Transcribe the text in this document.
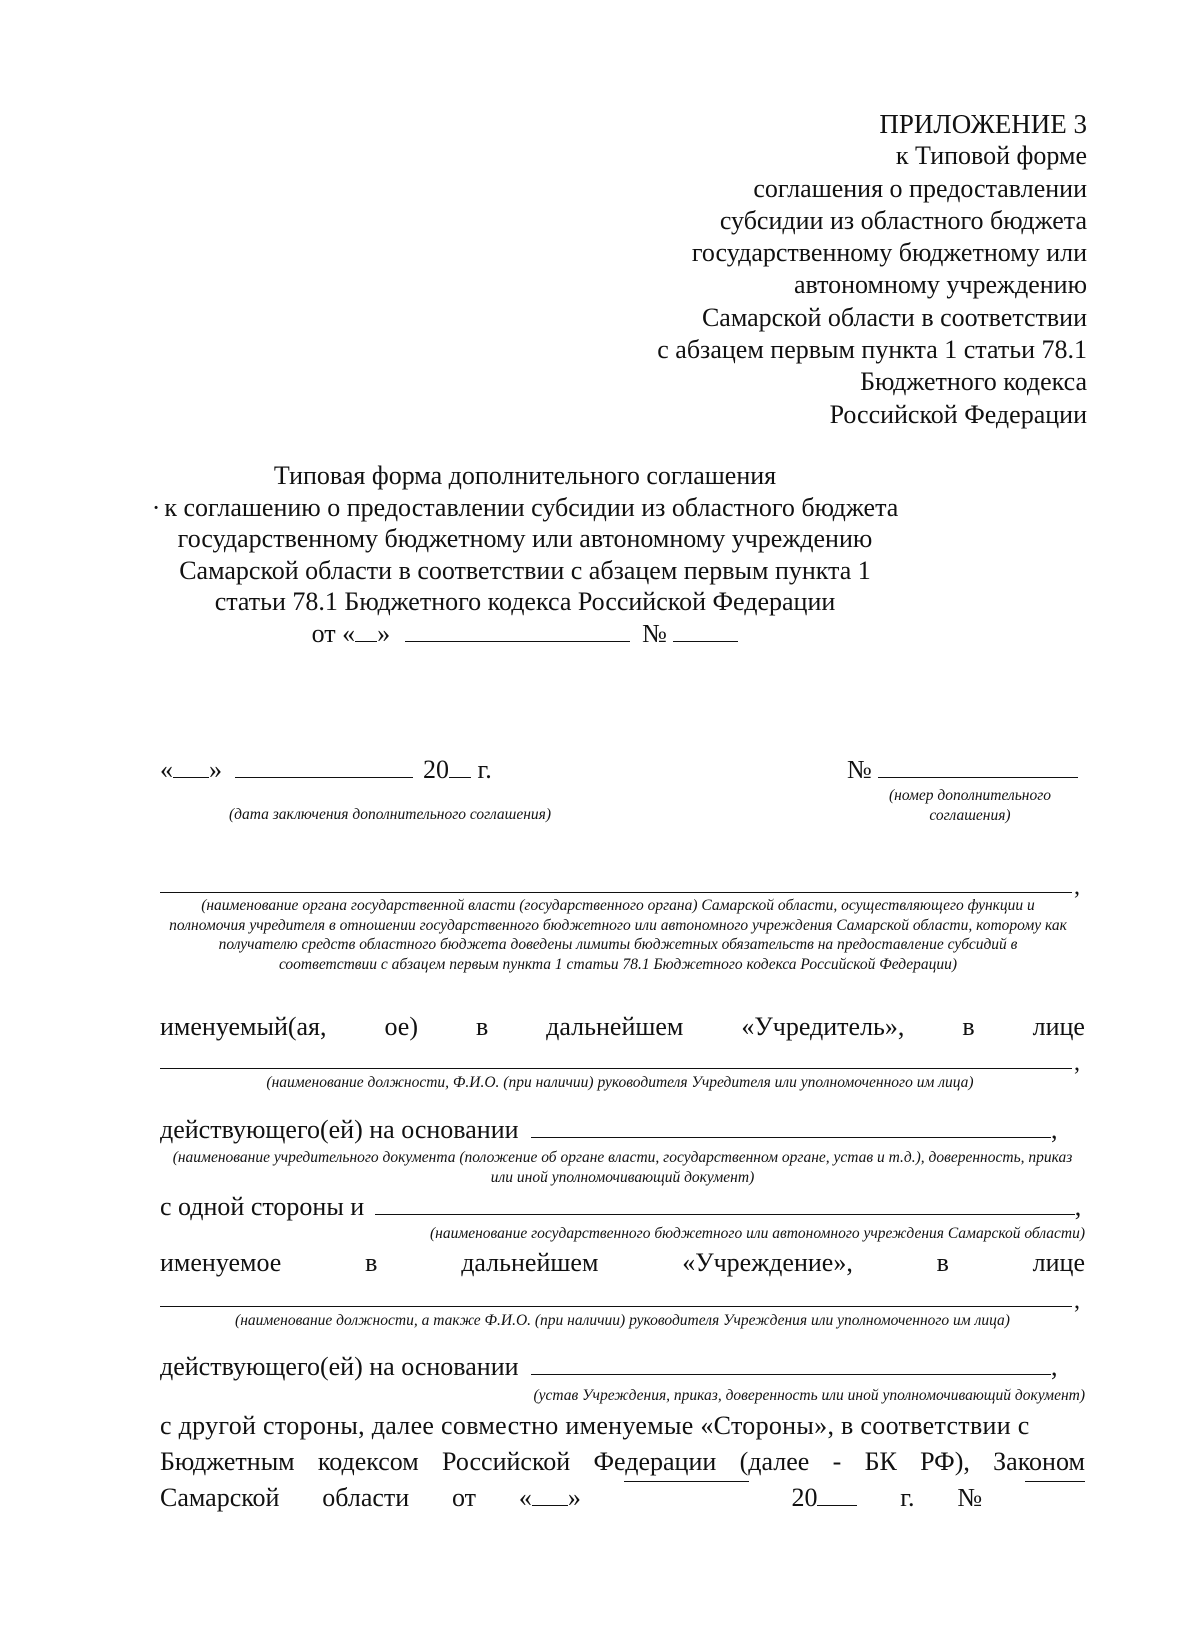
ПРИЛОЖЕНИЕ 3
к Типовой форме
соглашения о предоставлении
субсидии из областного бюджета
государственному бюджетному или
автономному учреждению
Самарской области в соответствии
с абзацем первым пункта 1 статьи 78.1
Бюджетного кодекса
Российской Федерации
Типовая форма дополнительного соглашения
· к соглашению о предоставлении субсидии из областного бюджета
государственному бюджетному или автономному учреждению
Самарской области в соответствии с абзацем первым пункта 1
статьи 78.1 Бюджетного кодекса Российской Федерации
от « »	№
« »	20 г.	№
(дата заключения дополнительного соглашения)
(номер дополнительного соглашения)
,
(наименование органа государственной власти (государственного органа) Самарской области, осуществляющего функции и полномочия учредителя в отношении государственного бюджетного или автономного учреждения Самарской области, которому как получателю средств областного бюджета доведены лимиты бюджетных обязательств на предоставление субсидий в соответствии с абзацем первым пункта 1 статьи 78.1 Бюджетного кодекса Российской Федерации)
именуемый(ая, ое) в дальнейшем «Учредитель», в лице
,
(наименование должности, Ф.И.О. (при наличии) руководителя Учредителя или уполномоченного им лица)
действующего(ей) на основании	,
(наименование учредительного документа (положение об органе власти, государственном органе, устав и т.д.), доверенность, приказ или иной уполномочивающий документ)
с одной стороны и	,
(наименование государственного бюджетного или автономного учреждения Самарской области)
именуемое	в	дальнейшем	«Учреждение»,	в	лице
,
(наименование должности, а также Ф.И.О. (при наличии) руководителя Учреждения или уполномоченного им лица)
действующего(ей) на основании	,
(устав Учреждения, приказ, доверенность или иной уполномочивающий документ)
с другой стороны, далее совместно именуемые «Стороны», в соответствии с
Бюджетным кодексом Российской Федерации (далее - БК РФ), Законом
Самарской области от « »	20	г. №
